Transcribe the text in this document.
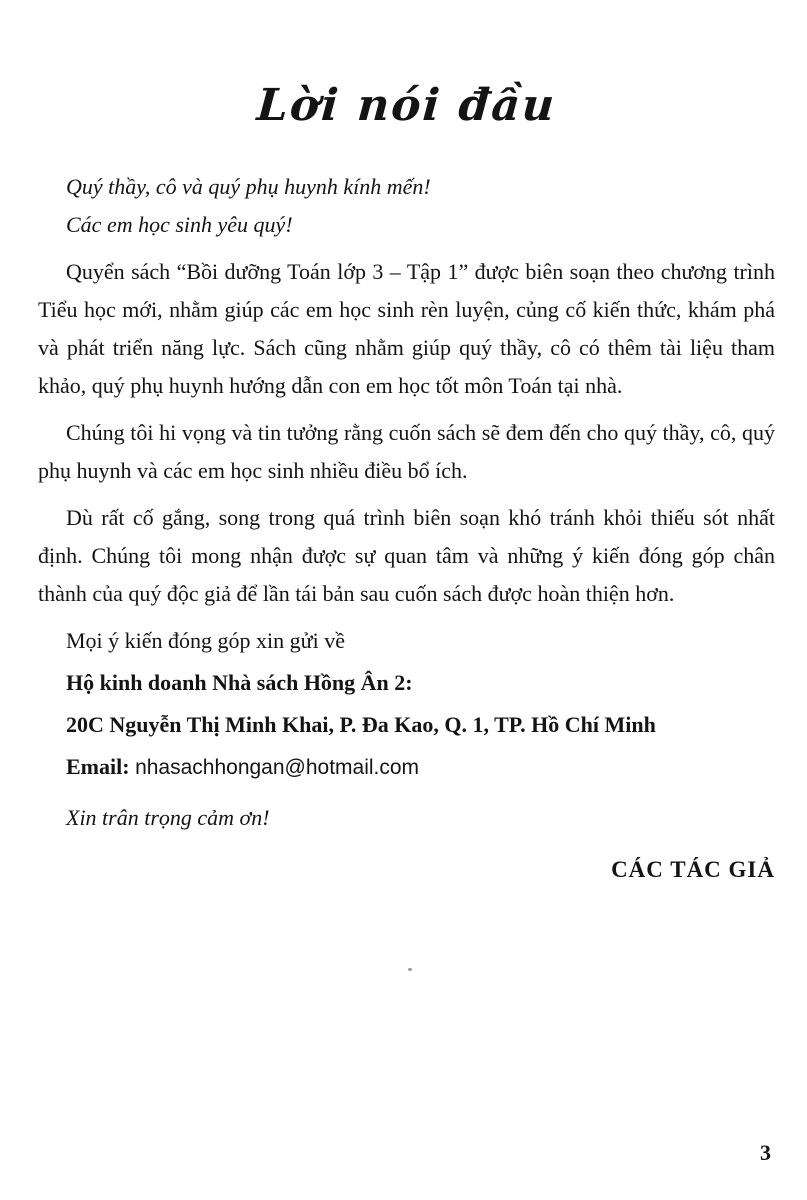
Lời nói đầu

Quý thầy, cô và quý phụ huynh kính mến!

Các em học sinh yêu quý!

Quyển sách “Bồi dưỡng Toán lớp 3 – Tập 1” được biên soạn theo chương trình Tiểu học mới, nhằm giúp các em học sinh rèn luyện, củng cố kiến thức, khám phá và phát triển năng lực. Sách cũng nhằm giúp quý thầy, cô có thêm tài liệu tham khảo, quý phụ huynh hướng dẫn con em học tốt môn Toán tại nhà.

Chúng tôi hi vọng và tin tưởng rằng cuốn sách sẽ đem đến cho quý thầy, cô, quý phụ huynh và các em học sinh nhiều điều bổ ích.

Dù rất cố gắng, song trong quá trình biên soạn khó tránh khỏi thiếu sót nhất định. Chúng tôi mong nhận được sự quan tâm và những ý kiến đóng góp chân thành của quý độc giả để lần tái bản sau cuốn sách được hoàn thiện hơn.

Mọi ý kiến đóng góp xin gửi về

Hộ kinh doanh Nhà sách Hồng Ân 2:

20C Nguyễn Thị Minh Khai, P. Đa Kao, Q. 1, TP. Hồ Chí Minh

Email: nhasachhongan@hotmail.com

Xin trân trọng cảm ơn!

CÁC TÁC GIẢ

3
